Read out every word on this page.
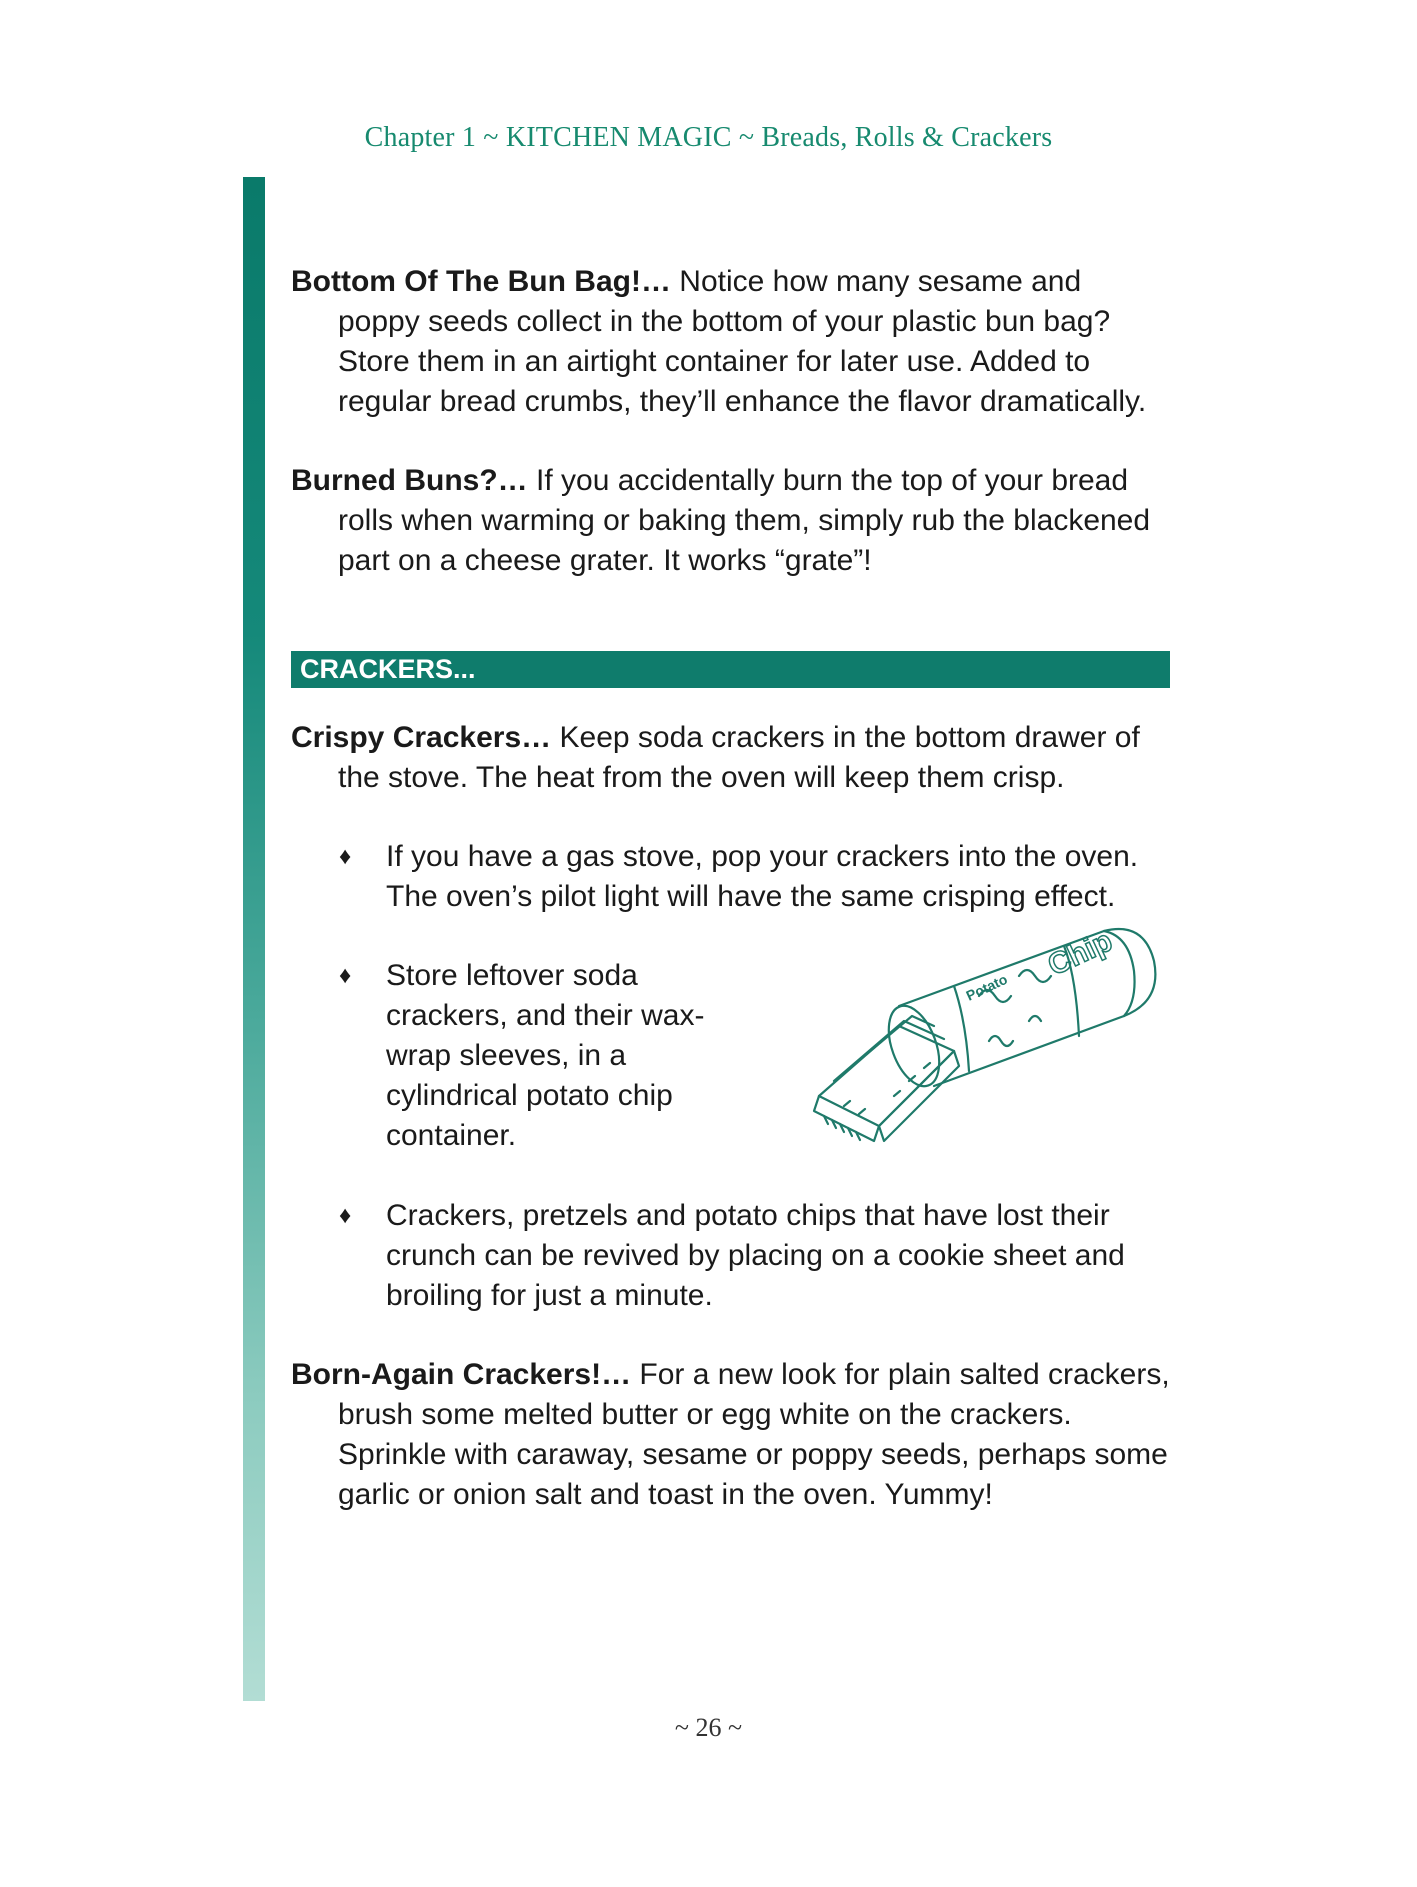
Chapter 1 ~ KITCHEN MAGIC ~ Breads, Rolls & Crackers

Bottom Of The Bun Bag!… Notice how many sesame and poppy seeds collect in the bottom of your plastic bun bag? Store them in an airtight container for later use. Added to regular bread crumbs, they’ll enhance the flavor dramatically.

Burned Buns?… If you accidentally burn the top of your bread rolls when warming or baking them, simply rub the blackened part on a cheese grater. It works “grate”!

CRACKERS...

Crispy Crackers… Keep soda crackers in the bottom drawer of the stove. The heat from the oven will keep them crisp.

♦ If you have a gas stove, pop your crackers into the oven. The oven’s pilot light will have the same crisping effect.
♦ Store leftover soda crackers, and their wax-wrap sleeves, in a cylindrical potato chip container.
Chip
Potato
♦ Crackers, pretzels and potato chips that have lost their crunch can be revived by placing on a cookie sheet and broiling for just a minute.

Born-Again Crackers!… For a new look for plain salted crackers, brush some melted butter or egg white on the crackers. Sprinkle with caraway, sesame or poppy seeds, perhaps some garlic or onion salt and toast in the oven. Yummy!

~ 26 ~
